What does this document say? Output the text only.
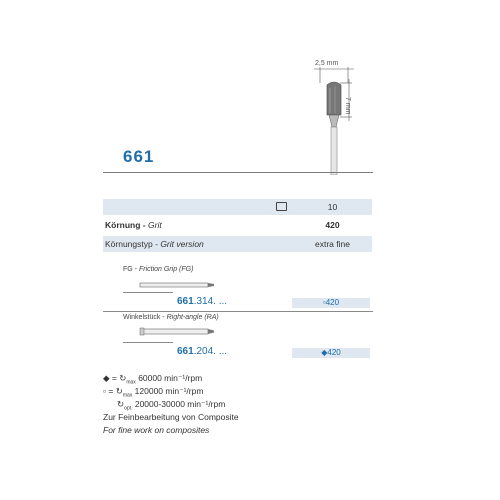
2,5 mm
7 mm
661
10
Körnung - Grit	420
Körnungstyp - Grit version	extra fine
FG - Friction Grip (FG)
661.314. ...	▫420
Winkelstück - Right-angle (RA)
661.204. ...	◆420
◆ = $↻_{max}$ 60000 min⁻¹/rpm
▫ = $↻_{max}$ 120000 min⁻¹/rpm
$↻_{opt.}$ 20000-30000 min⁻¹/rpm
Zur Feinbearbeitung von Composite
For fine work on composites
